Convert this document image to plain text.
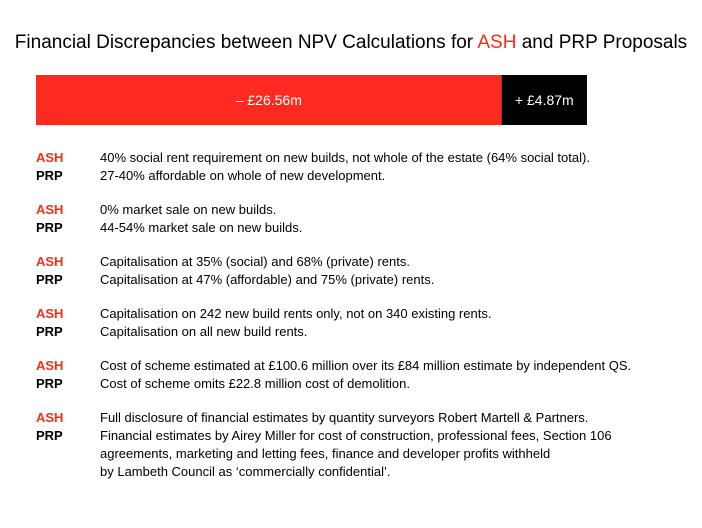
Financial Discrepancies between NPV Calculations for ASH and PRP Proposals
– £26.56m	+ £4.87m
ASH	40% social rent requirement on new builds, not whole of the estate (64% social total).
PRP	27-40% affordable on whole of new development.
ASH	0% market sale on new builds.
PRP	44-54% market sale on new builds.
ASH	Capitalisation at 35% (social) and 68% (private) rents.
PRP	Capitalisation at 47% (affordable) and 75% (private) rents.
ASH	Capitalisation on 242 new build rents only, not on 340 existing rents.
PRP	Capitalisation on all new build rents.
ASH	Cost of scheme estimated at £100.6 million over its £84 million estimate by independent QS.
PRP	Cost of scheme omits £22.8 million cost of demolition.
ASH	Full disclosure of financial estimates by quantity surveyors Robert Martell & Partners.
PRP	Financial estimates by Airey Miller for cost of construction, professional fees, Section 106
agreements, marketing and letting fees, finance and developer profits withheld
by Lambeth Council as ‘commercially confidential’.
